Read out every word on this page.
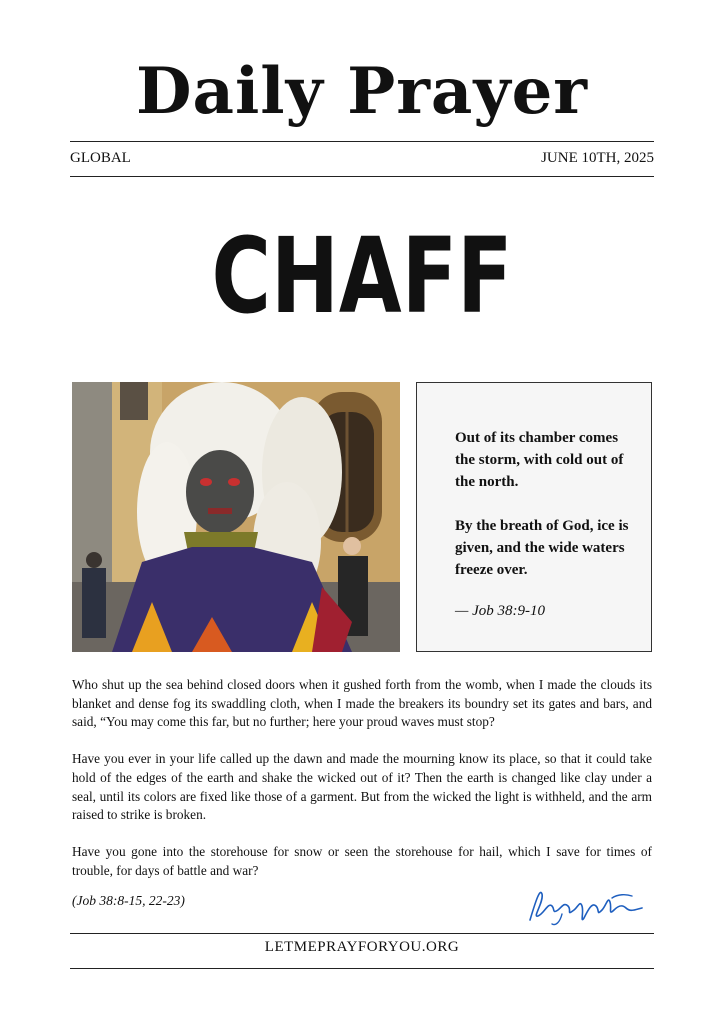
Daily Prayer
GLOBAL	JUNE 10TH, 2025
CHAFF

Out of its chamber comes the storm, with cold out of the north.

By the breath of God, ice is given, and the wide waters freeze over.

— Job 38:9-10

Who shut up the sea behind closed doors when it gushed forth from the womb, when I made the clouds its blanket and dense fog its swaddling cloth, when I made the breakers its boundry set its gates and bars, and said, “You may come this far, but no further; here your proud waves must stop?

Have you ever in your life called up the dawn and made the mourning know its place, so that it could take hold of the edges of the earth and shake the wicked out of it? Then the earth is changed like clay under a seal, until its colors are fixed like those of a garment. But from the wicked the light is withheld, and the arm raised to strike is broken.

Have you gone into the storehouse for snow or seen the storehouse for hail, which I save for times of trouble, for days of battle and war?

(Job 38:8-15, 22-23)
LETMEPRAYFORYOU.ORG
